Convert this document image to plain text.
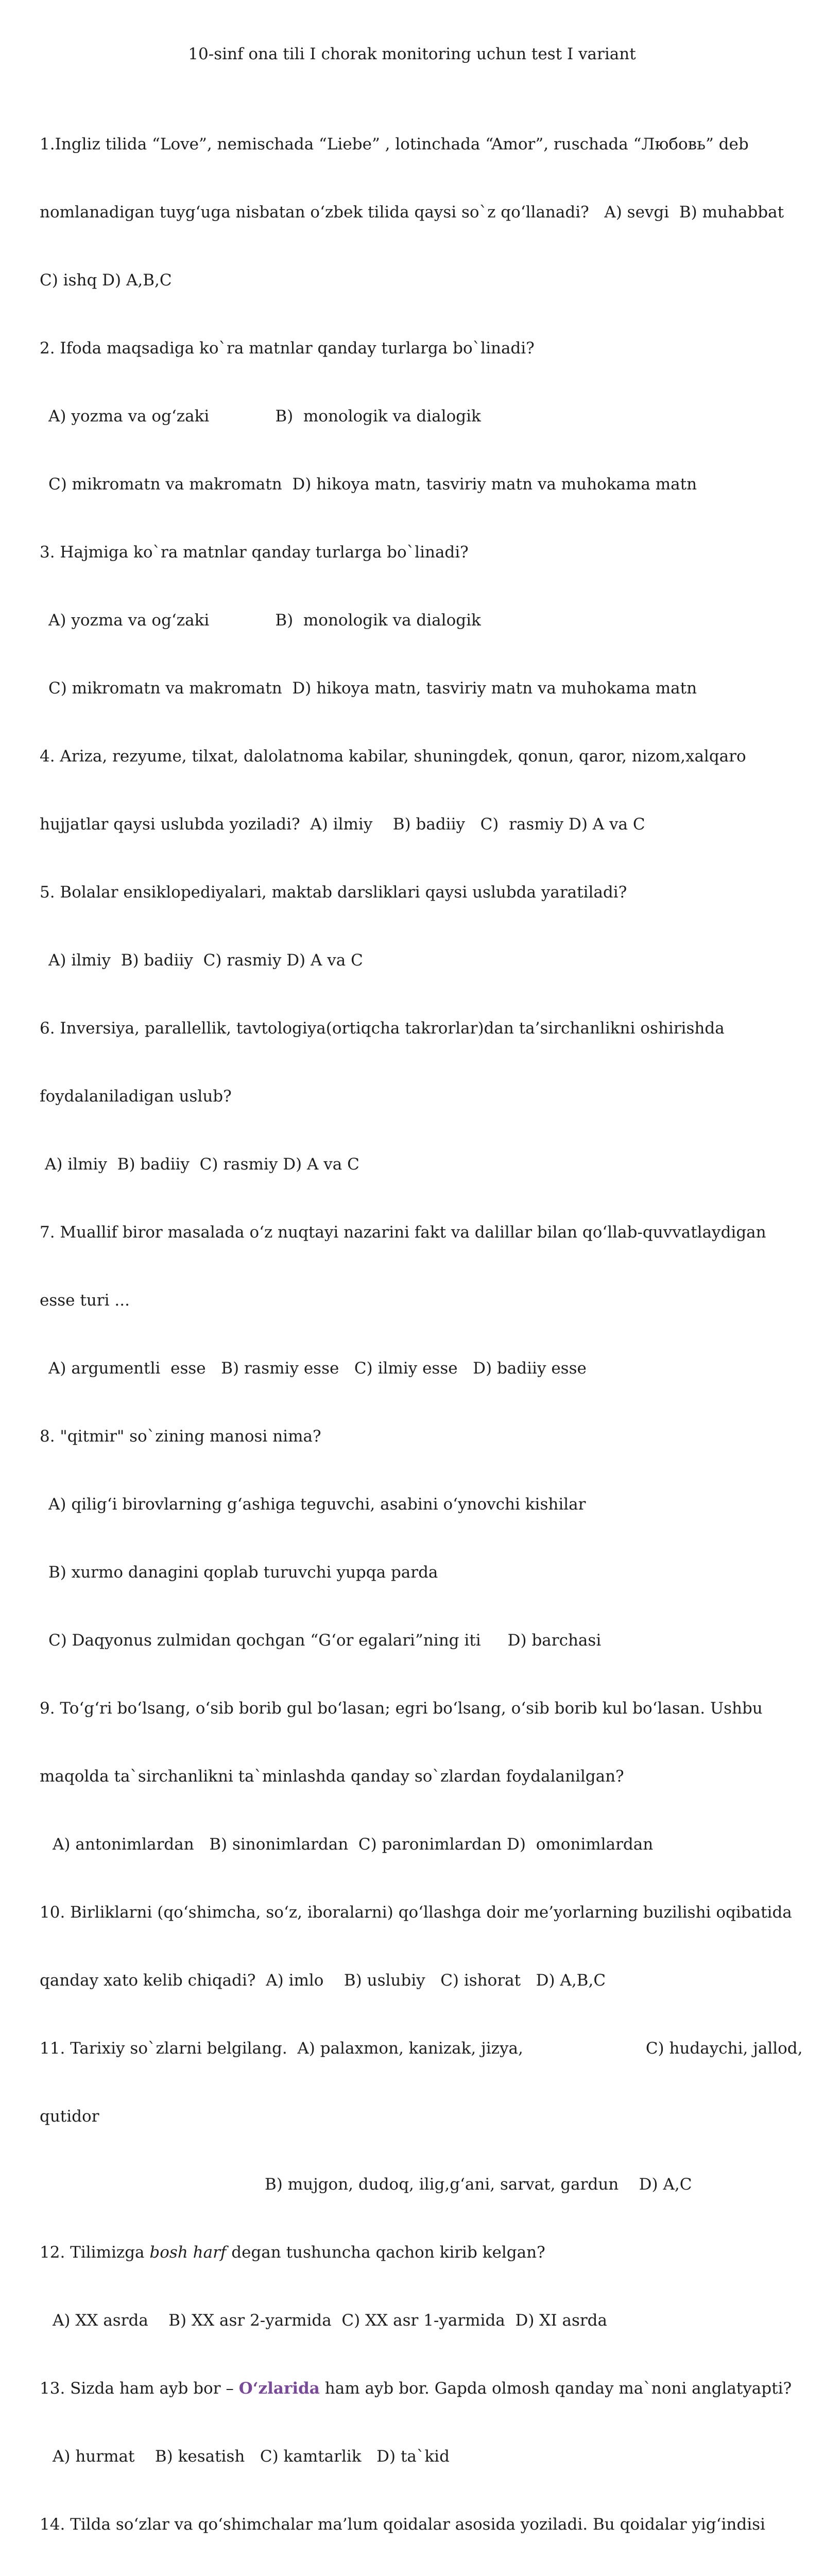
10-sinf ona tili I chorak monitoring uchun test I variant

1.Ingliz tilida “Love”, nemischada “Liebe” , lotinchada “Amor”, ruschada “Любовь” deb

nomlanadigan tuyg‘uga nisbatan o‘zbek tilida qaysi so`z qo‘llanadi?   A) sevgi  B) muhabbat

C) ishq D) A,B,C

2. Ifoda maqsadiga ko`ra matnlar qanday turlarga bo`linadi?

A) yozma va og‘zaki	B)  monologik va dialogik

C) mikromatn va makromatn  D) hikoya matn, tasviriy matn va muhokama matn

3. Hajmiga ko`ra matnlar qanday turlarga bo`linadi?

A) yozma va og‘zaki	B)  monologik va dialogik

C) mikromatn va makromatn  D) hikoya matn, tasviriy matn va muhokama matn

4. Ariza, rezyume, tilxat, dalolatnoma kabilar, shuningdek, qonun, qaror, nizom,xalqaro

hujjatlar qaysi uslubda yoziladi?  A) ilmiy    B) badiiy   C)  rasmiy D) A va C

5. Bolalar ensiklopediyalari, maktab darsliklari qaysi uslubda yaratiladi?

A) ilmiy  B) badiiy  C) rasmiy D) A va C

6. Inversiya, parallellik, tavtologiya(ortiqcha takrorlar)dan ta’sirchanlikni oshirishda

foydalaniladigan uslub?

A) ilmiy  B) badiiy  C) rasmiy D) A va C

7. Muallif biror masalada o‘z nuqtayi nazarini fakt va dalillar bilan qo‘llab-quvvatlaydigan

esse turi ...

A) argumentli  esse   B) rasmiy esse   C) ilmiy esse   D) badiiy esse

8. "qitmir" so`zining manosi nima?

A) qilig‘i birovlarning g‘ashiga teguvchi, asabini o‘ynovchi kishilar

B) xurmo danagini qoplab turuvchi yupqa parda

C) Daqyonus zulmidan qochgan “G‘or egalari”ning iti D) barchasi

9. To‘g‘ri bo‘lsang, o‘sib borib gul bo‘lasan; egri bo‘lsang, o‘sib borib kul bo‘lasan. Ushbu

maqolda ta`sirchanlikni ta`minlashda qanday so`zlardan foydalanilgan?

A) antonimlardan   B) sinonimlardan  C) paronimlardan D)  omonimlardan

10. Birliklarni (qo‘shimcha, so‘z, iboralarni) qo‘llashga doir me’yorlarning buzilishi oqibatida

qanday xato kelib chiqadi?  A) imlo    B) uslubiy   C) ishorat   D) A,B,C

11. Tarixiy so`zlarni belgilang.  A) palaxmon, kanizak, jizya,	C) hudaychi, jallod,

qutidor

B) mujgon, dudoq, ilig,g‘ani, sarvat, gardun    D) A,C

12. Tilimizga bosh harf degan tushuncha qachon kirib kelgan?

A) XX asrda    B) XX asr 2-yarmida  C) XX asr 1-yarmida  D) XI asrda

13. Sizda ham ayb bor – O‘zlarida ham ayb bor. Gapda olmosh qanday ma`noni anglatyapti?

A) hurmat    B) kesatish   C) kamtarlik   D) ta`kid

14. Tilda so‘zlar va qo‘shimchalar ma’lum qoidalar asosida yoziladi. Bu qoidalar yig‘indisi
